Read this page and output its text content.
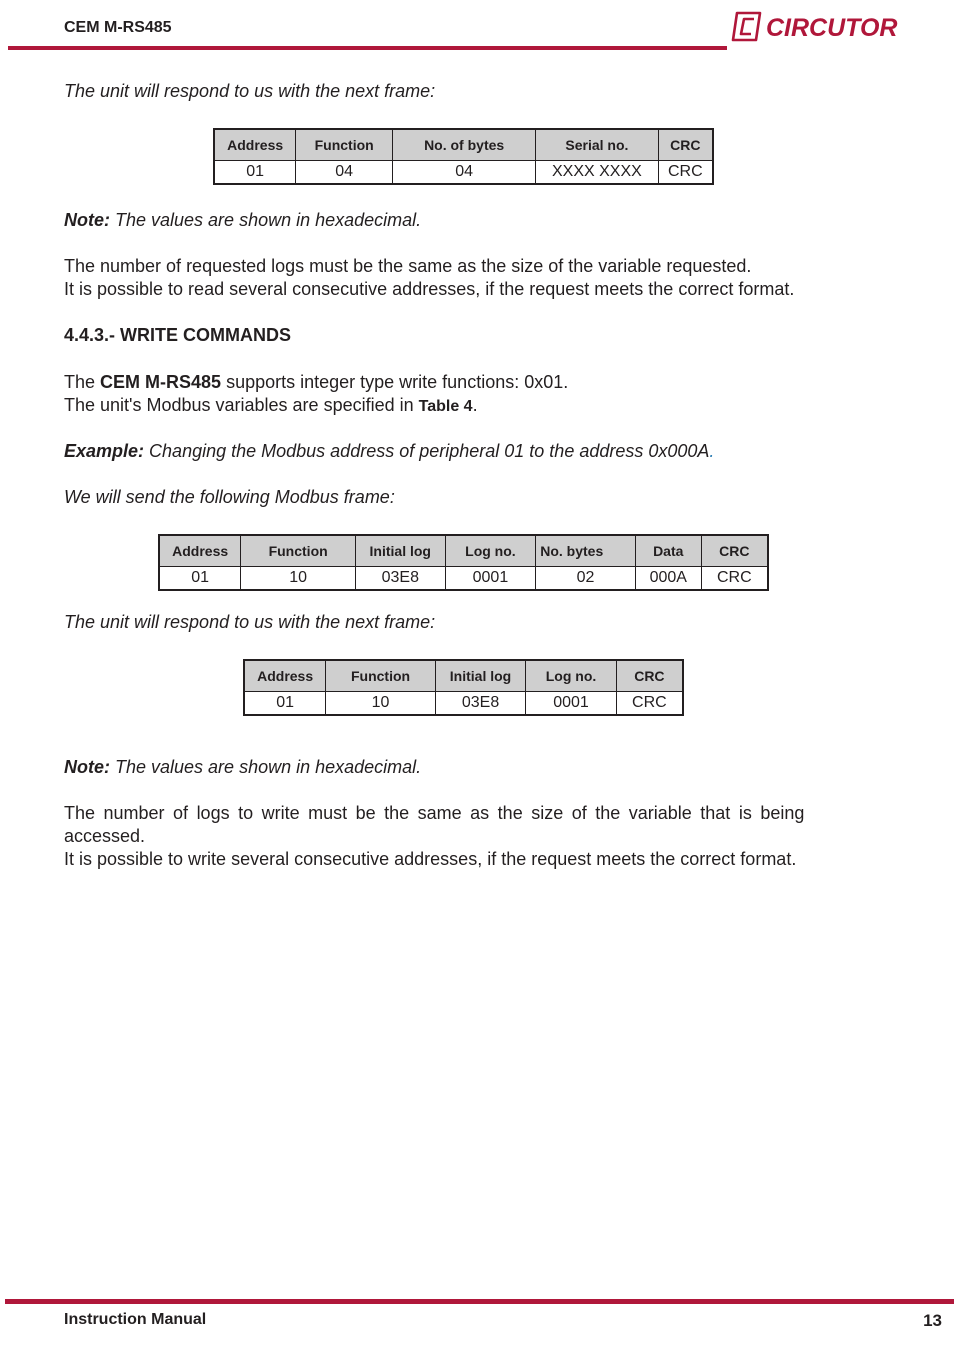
CEM M-RS485	CIRCUTOR
The unit will respond to us with the next frame:
Address	Function	No. of bytes	Serial no.	CRC
01	04	04	XXXX XXXX	CRC
Note: The values are shown in hexadecimal.
The number of requested logs must be the same as the size of the variable requested.
It is possible to read several consecutive addresses, if the request meets the correct format.
4.4.3.- WRITE COMMANDS
The CEM M-RS485 supports integer type write functions: 0x01.
The unit's Modbus variables are specified in Table 4.
Example: Changing the Modbus address of peripheral 01 to the address 0x000A.
We will send the following Modbus frame:
Address	Function	Initial log	Log no.	No. bytes	Data	CRC
01	10	03E8	0001	02	000A	CRC
The unit will respond to us with the next frame:
Address	Function	Initial log	Log no.	CRC
01	10	03E8	0001	CRC
Note: The values are shown in hexadecimal.
The number of logs to write must be the same as the size of the variable that is being
accessed.
It is possible to write several consecutive addresses, if the request meets the correct format.
Instruction Manual	13
